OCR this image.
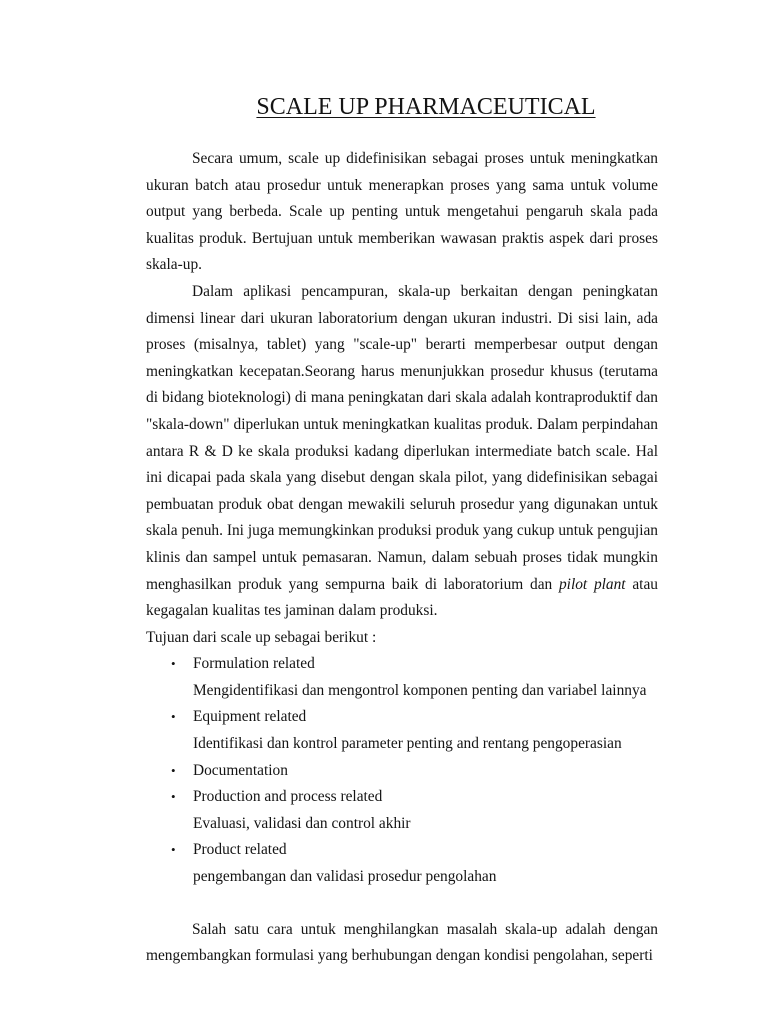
SCALE UP PHARMACEUTICAL

Secara umum, scale up didefinisikan sebagai proses untuk meningkatkan ukuran batch atau prosedur untuk menerapkan proses yang sama untuk volume output yang berbeda. Scale up penting untuk mengetahui pengaruh skala pada kualitas produk. Bertujuan untuk memberikan wawasan praktis aspek dari proses skala-up.

Dalam aplikasi pencampuran, skala-up berkaitan dengan peningkatan dimensi linear dari ukuran laboratorium dengan ukuran industri. Di sisi lain, ada proses (misalnya, tablet) yang "scale-up" berarti memperbesar output dengan meningkatkan kecepatan.Seorang harus menunjukkan prosedur khusus (terutama di bidang bioteknologi) di mana peningkatan dari skala adalah kontraproduktif dan "skala-down" diperlukan untuk meningkatkan kualitas produk. Dalam perpindahan antara R & D ke skala produksi kadang diperlukan intermediate batch scale. Hal ini dicapai pada skala yang disebut dengan skala pilot, yang didefinisikan sebagai pembuatan produk obat dengan mewakili seluruh prosedur yang digunakan untuk skala penuh. Ini juga memungkinkan produksi produk yang cukup untuk pengujian klinis dan sampel untuk pemasaran. Namun, dalam sebuah proses tidak mungkin menghasilkan produk yang sempurna baik di laboratorium dan pilot plant atau kegagalan kualitas tes jaminan dalam produksi.

Tujuan dari scale up sebagai berikut :

• Formulation related
Mengidentifikasi dan mengontrol komponen penting dan variabel lainnya
• Equipment related
Identifikasi dan kontrol parameter penting and rentang pengoperasian
• Documentation
• Production and process related
Evaluasi, validasi dan control akhir
• Product related
pengembangan dan validasi prosedur pengolahan

Salah satu cara untuk menghilangkan masalah skala-up adalah dengan mengembangkan formulasi yang berhubungan dengan kondisi pengolahan, seperti
